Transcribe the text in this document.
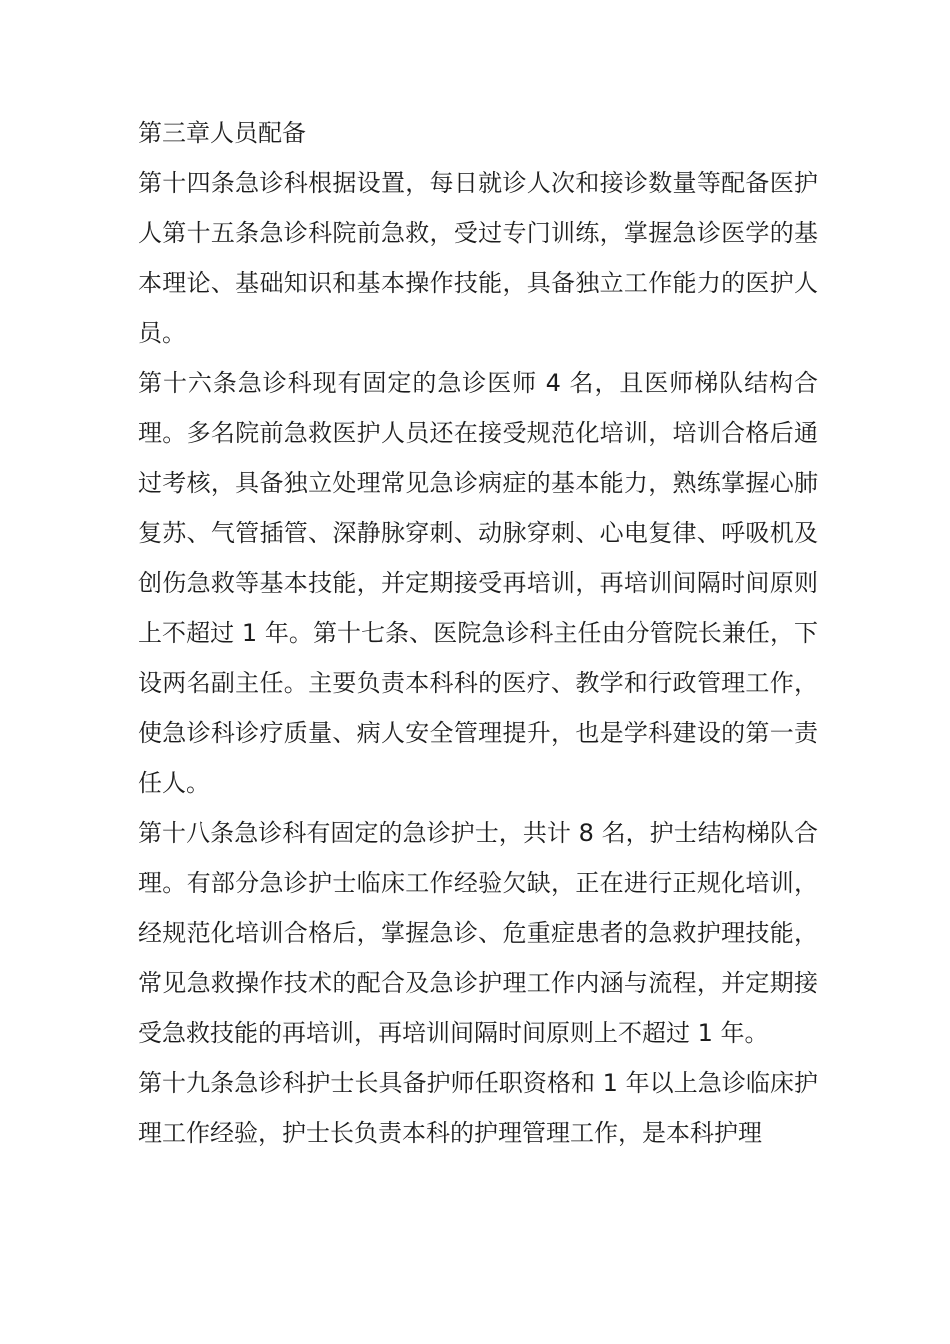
第三章人员配备

第十四条急诊科根据设置，每日就诊人次和接诊数量等配备医护人第十五条急诊科院前急救，受过专门训练，掌握急诊医学的基本理论、基础知识和基本操作技能，具备独立工作能力的医护人员。

第十六条急诊科现有固定的急诊医师 4 名，且医师梯队结构合理。多名院前急救医护人员还在接受规范化培训，培训合格后通过考核，具备独立处理常见急诊病症的基本能力，熟练掌握心肺复苏、气管插管、深静脉穿刺、动脉穿刺、心电复律、呼吸机及创伤急救等基本技能，并定期接受再培训，再培训间隔时间原则上不超过 1 年。第十七条、医院急诊科主任由分管院长兼任，下设两名副主任。主要负责本科科的医疗、教学和行政管理工作，使急诊科诊疗质量、病人安全管理提升，也是学科建设的第一责任人。

第十八条急诊科有固定的急诊护士，共计 8 名，护士结构梯队合理。有部分急诊护士临床工作经验欠缺，正在进行正规化培训，经规范化培训合格后，掌握急诊、危重症患者的急救护理技能，常见急救操作技术的配合及急诊护理工作内涵与流程，并定期接受急救技能的再培训，再培训间隔时间原则上不超过 1 年。

第十九条急诊科护士长具备护师任职资格和 1 年以上急诊临床护理工作经验，护士长负责本科的护理管理工作，是本科护理
